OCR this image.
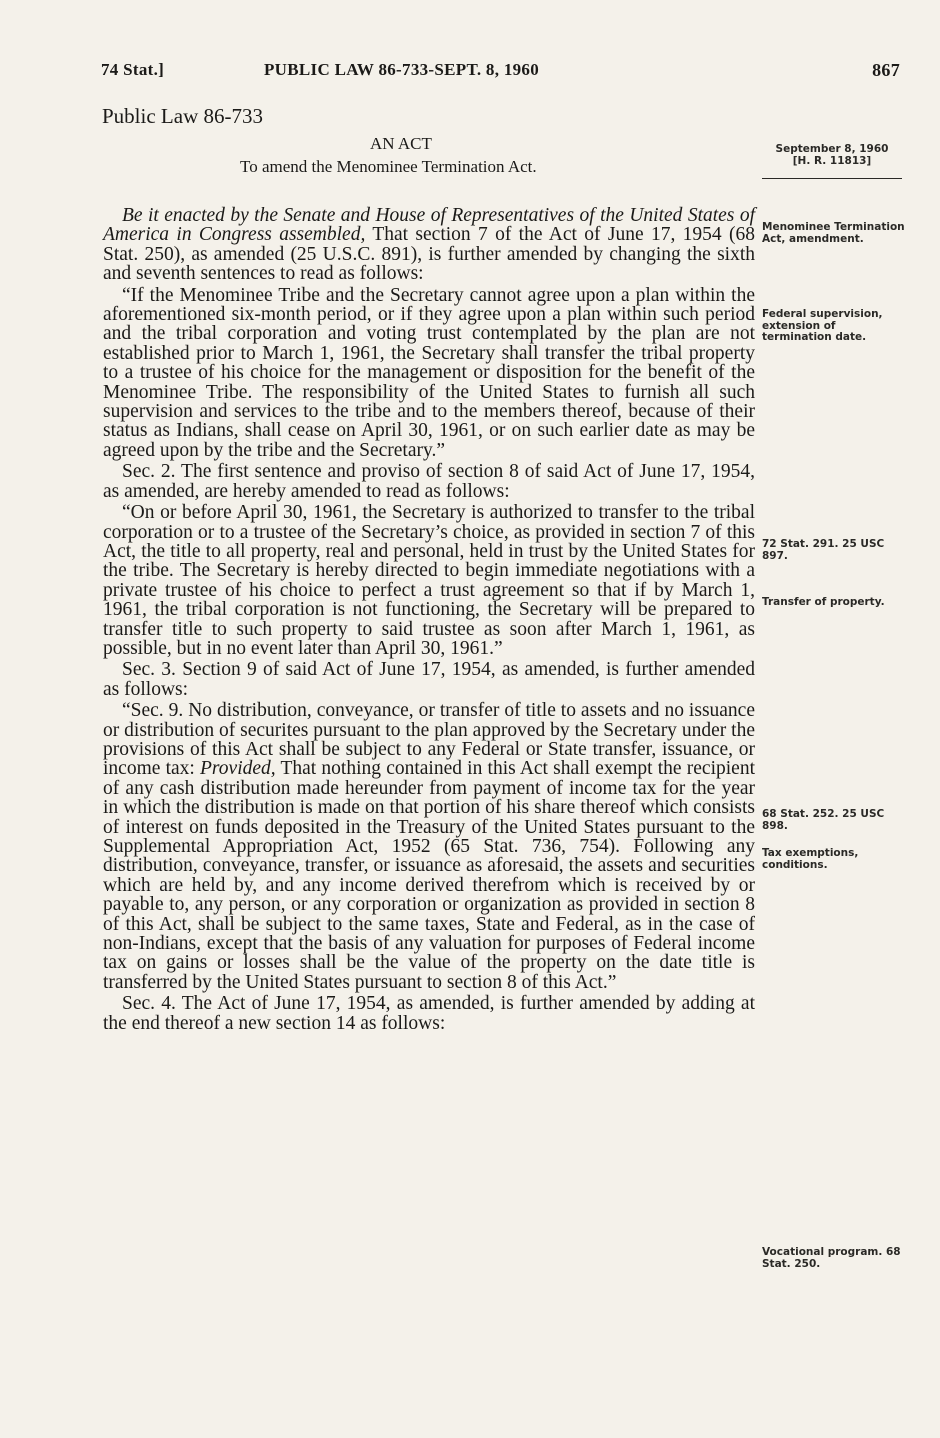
74 Stat.]	PUBLIC LAW 86-733-SEPT. 8, 1960	867
Public Law 86-733
AN ACT
To amend the Menominee Termination Act.
September 8, 1960
[H. R. 11813]
Menominee Termination Act, amendment.
Federal supervision, extension of termination date.
72 Stat. 291. 25 USC 897.
Transfer of property.
68 Stat. 252. 25 USC 898.
Tax exemptions, conditions.
Vocational program. 68 Stat. 250.

Be it enacted by the Senate and House of Representatives of the United States of America in Congress assembled, That section 7 of the Act of June 17, 1954 (68 Stat. 250), as amended (25 U.S.C. 891), is further amended by changing the sixth and seventh sentences to read as follows:

“If the Menominee Tribe and the Secretary cannot agree upon a plan within the aforementioned six-month period, or if they agree upon a plan within such period and the tribal corporation and voting trust contemplated by the plan are not established prior to March 1, 1961, the Secretary shall transfer the tribal property to a trustee of his choice for the management or disposition for the benefit of the Menominee Tribe. The responsibility of the United States to furnish all such supervision and services to the tribe and to the members thereof, because of their status as Indians, shall cease on April 30, 1961, or on such earlier date as may be agreed upon by the tribe and the Secretary.”

Sec. 2. The first sentence and proviso of section 8 of said Act of June 17, 1954, as amended, are hereby amended to read as follows:

“On or before April 30, 1961, the Secretary is authorized to transfer to the tribal corporation or to a trustee of the Secretary’s choice, as provided in section 7 of this Act, the title to all property, real and personal, held in trust by the United States for the tribe. The Secretary is hereby directed to begin immediate negotiations with a private trustee of his choice to perfect a trust agreement so that if by March 1, 1961, the tribal corporation is not functioning, the Secretary will be prepared to transfer title to such property to said trustee as soon after March 1, 1961, as possible, but in no event later than April 30, 1961.”

Sec. 3. Section 9 of said Act of June 17, 1954, as amended, is further amended as follows:

“Sec. 9. No distribution, conveyance, or transfer of title to assets and no issuance or distribution of securites pursuant to the plan approved by the Secretary under the provisions of this Act shall be subject to any Federal or State transfer, issuance, or income tax: Provided, That nothing contained in this Act shall exempt the recipient of any cash distribution made hereunder from payment of income tax for the year in which the distribution is made on that portion of his share thereof which consists of interest on funds deposited in the Treasury of the United States pursuant to the Supplemental Appropriation Act, 1952 (65 Stat. 736, 754). Following any distribution, conveyance, transfer, or issuance as aforesaid, the assets and securities which are held by, and any income derived therefrom which is received by or payable to, any person, or any corporation or organization as provided in section 8 of this Act, shall be subject to the same taxes, State and Federal, as in the case of non-Indians, except that the basis of any valuation for purposes of Federal income tax on gains or losses shall be the value of the property on the date title is transferred by the United States pursuant to section 8 of this Act.”

Sec. 4. The Act of June 17, 1954, as amended, is further amended by adding at the end thereof a new section 14 as follows:
